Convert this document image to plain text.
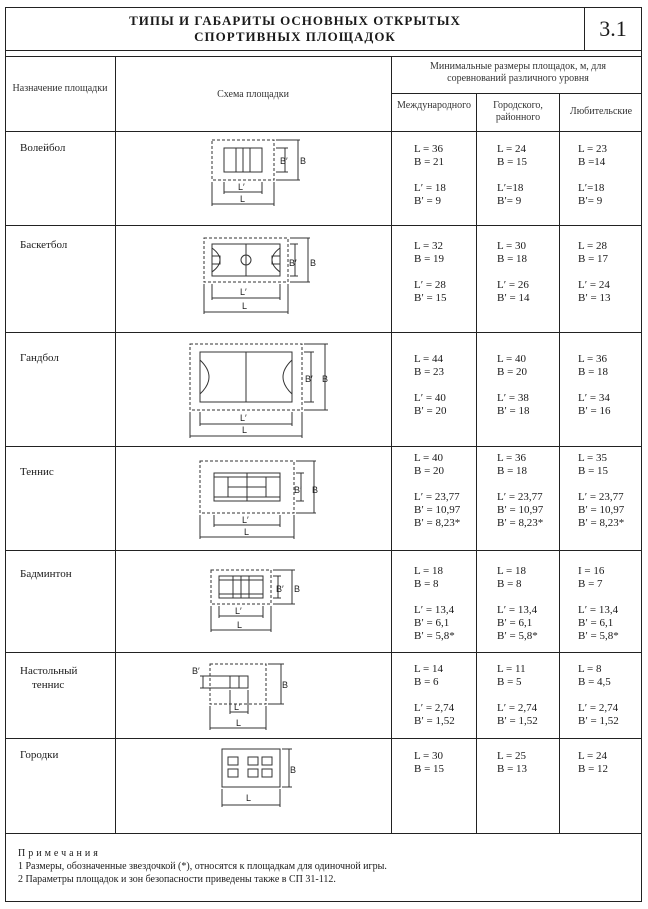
ТИПЫ И ГАБАРИТЫ ОСНОВНЫХ ОТКРЫТЫХ
СПОРТИВНЫХ ПЛОЩАДОК	3.1
Назначение площадки
Схема площадки
Минимальные размеры площадок, м, для соревнований различного уровня
Международного	Городского, районного
Любительские
Волейбол
Баскетбол
Гандбол
Теннис
Бадминтон
Настольный
теннис
Городки
L = 36
B = 21
L′ = 18
B′ = 9
L = 24
B = 15
L′=18
B′= 9
L = 23
B =14
L′=18
B′= 9
L = 32
B = 19
L′ = 28
B′ = 15
L = 30
B = 18
L′ = 26
B′ = 14
L = 28
B = 17
L′ = 24
B′ = 13
L = 44
B = 23
L′ = 40
B′ = 20
L = 40
B = 20
L′ = 38
B′ = 18
L = 36
B = 18
L′ = 34
B′ = 16
L = 40
B = 20
L′ = 23,77
B′ = 10,97
B′ = 8,23*
L = 36
B = 18
L′ = 23,77
B′ = 10,97
B′ = 8,23*
L = 35
B = 15
L′ = 23,77
B′ = 10,97
B′ = 8,23*
L = 18
B = 8
L′ = 13,4
B′ = 6,1
B′ = 5,8*
L = 18
B = 8
L′ = 13,4
B′ = 6,1
B′ = 5,8*
I = 16
B = 7
L′ = 13,4
B′ = 6,1
B′ = 5,8*
L = 14
B = 6
L′ = 2,74
B′ = 1,52
L = 11
B = 5
L′ = 2,74
B′ = 1,52
L = 8
B = 4,5
L′ = 2,74
B′ = 1,52
L = 30
B = 15
L = 25
B = 13
L = 24
B = 12
B′ B
L′
L
B′ B
L′
L
B′ B
L′
L
B′ B
L′
L
B′ B
L′
L
B′
B
L′
L
B
L
Примечания
1 Размеры, обозначенные звездочкой (*), относятся к площадкам для одиночной игры.
2 Параметры площадок и зон безопасности приведены также в СП 31-112.
